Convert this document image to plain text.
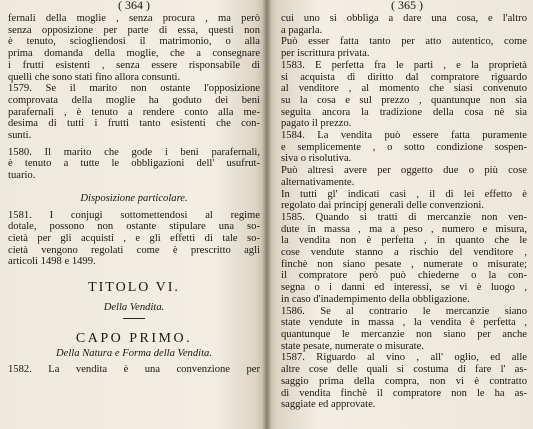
( 364 )
fernali della moglie , senza procura , ma però
senza opposizione per parte di essa, questi non
è tenuto, sciogliendosi il matrimonio, o alla
prima domanda della moglie, che a consegnare
i frutti esistenti , senza essere risponsabile di
quelli che sono stati fino allora consunti.
1579. Se il marito non ostante l'opposizione
comprovata della moglie ha goduto dei beni
parafernali , è tenuto a rendere conto alla me-
desima di tutti i frutti tanto esistenti che con-
sunti.
1580. Il marito che gode i beni parafernali,
è tenuto a tutte le obbligazioni dell' usufrut-
tuario.
Disposizione particolare.
1581. I conjugi sottomettendosi al regime
dotale, possono non ostante stipulare una so-
cietà per gli acquisti , e gli effetti di tale so-
cietà vengono regolati come è prescritto agli
articoli 1498 e 1499.
TITOLO VI.
Della Vendita.
CAPO PRIMO.
Della Natura e Forma della Vendita.
1582. La vendita è una convenzione per
( 365 )
cui uno si obbliga a dare una cosa, e l'altro
a pagarla.
Può esser fatta tanto per atto autentico, come
per iscrittura privata.
1583. È perfetta fra le parti , e la proprietà
si acquista di diritto dal compratore riguardo
al venditore , al momento che siasi convenuto
su la cosa e sul prezzo , quantunque non sia
seguita ancora la tradizione della cosa nè sia
pagato il prezzo.
1584. La vendita può essere fatta puramente
e semplicemente , o sotto condizione sospen-
siva o risolutiva.
Può altresì avere per oggetto due o più cose
alternativamente.
In tutti gl' indicati casi , il di lei effetto è
regolato dai principj generali delle convenzioni.
1585. Quando si tratti di mercanzie non ven-
dute in massa , ma a peso , numero e misura,
la vendita non è perfetta , in quanto che le
cose vendute stanno a rischio del venditore ,
finchè non siano pesate , numerate o misurate;
il compratore però può chiederne o la con-
segna o i danni ed interessi, se vi è luogo ,
in caso d'inadempimento della obbligazione.
1586. Se al contrario le mercanzie siano
state vendute in massa , la vendita è perfetta ,
quantunque le mercanzie non siano per anche
state pesate, numerate o misurate.
1587. Riguardo al vino , all' oglio, ed alle
altre cose delle quali si costuma di fare l' as-
saggio prima della compra, non vi è contratto
di vendita finchè il compratore non le ha as-
saggiate ed approvate.
